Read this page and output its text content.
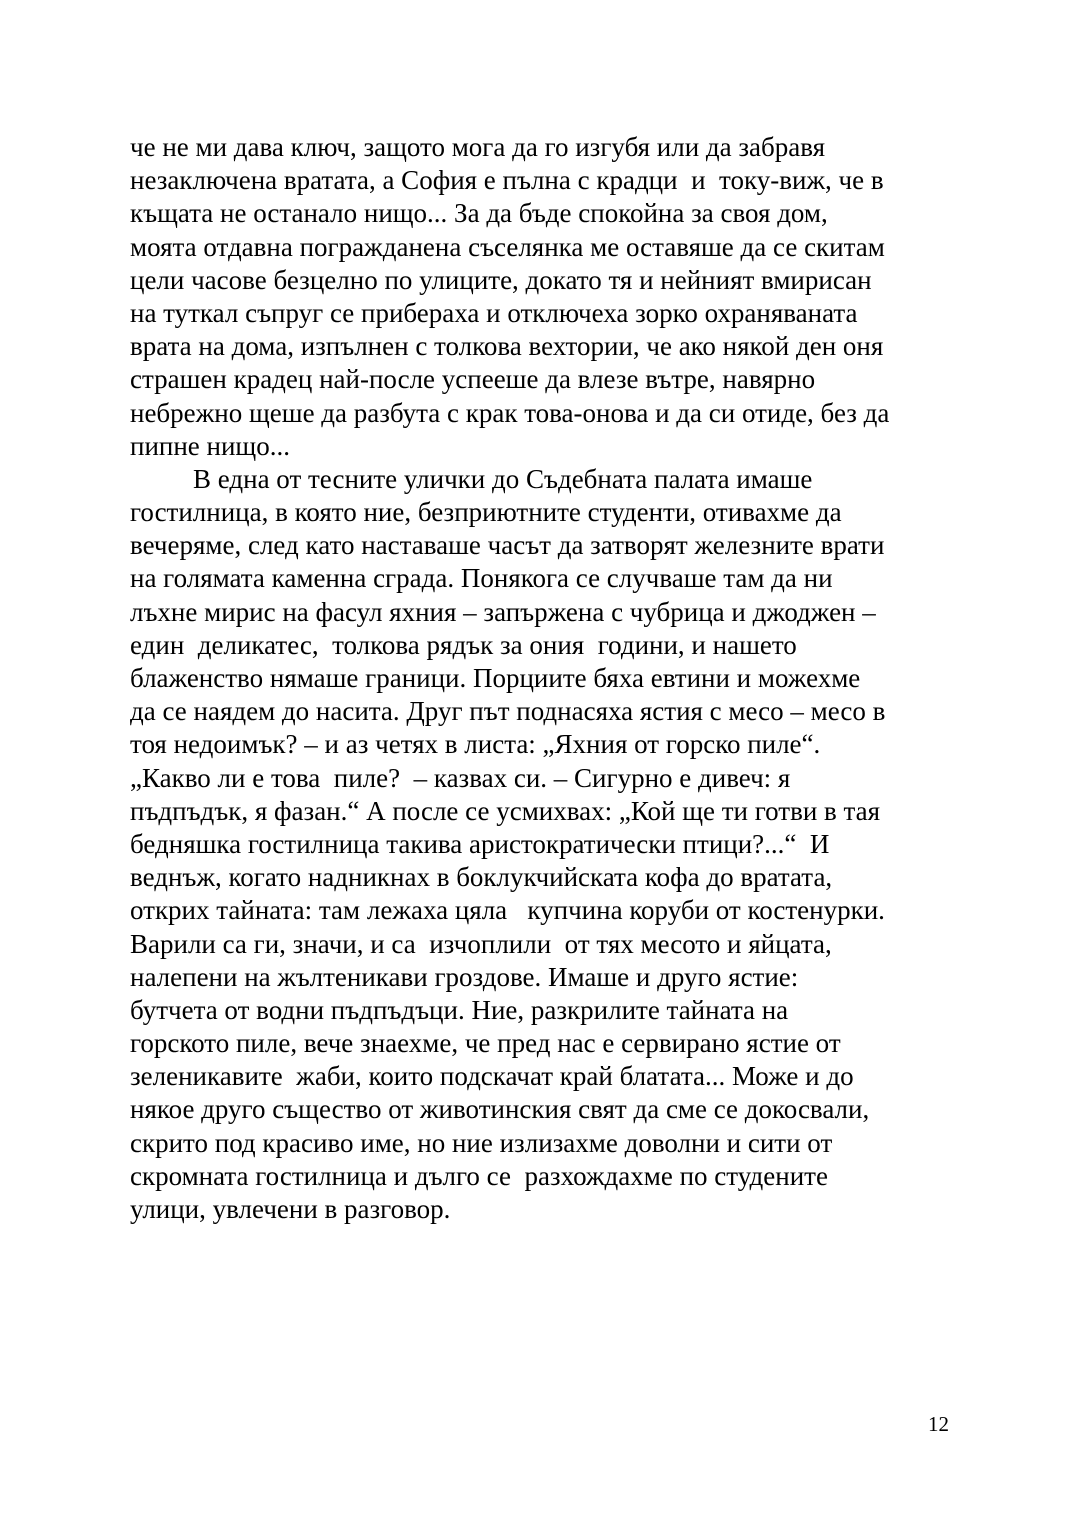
че не ми дава ключ, защото мога да го изгубя или да забравя
незаключена вратата, а София е пълна с крадци  и  току-виж, че в
къщата не останало нищо... За да бъде спокойна за своя дом,
моята отдавна пограждан​ена съселянка ме оставяше да се скитам
цели часове безцелно по улиците, докато тя и нейният вмирисан
на туткал съпруг се прибераха и отключеха зорко охраняваната
врата на дома, изпълнен с толкова вехтории, че ако някой ден оня
страшен крадец най-после успееше да влезе вътре, навярно
небрежно щеше да разбута с крак това-онова и да си отиде, без да
пипне нищо...
В една от тесните улички до Съдебната палата имаше
гостилница, в която ние, безприютните студенти, отивахме да
вечеряме, след като наставаше часът да затворят железните врати
на голямата каменна сграда. Понякога се случваше там да ни
лъхне мирис на фасул яхния – запържена с чубрица и джоджен –
един  деликатес,  толкова рядък за ония  години, и нашето
блаженство нямаше граници. Порциите бяха евтини и можехме
да се наядем до насита. Друг път поднасяха ястия с месо – месо в
тоя недоимък? – и аз четях в листа: „Яхния от горско пиле“.
„Какво ли е това  пиле?  – казвах си. – Сигурно е дивеч: я
пъдпъдък, я фазан.“ А после се усмихвах: „Кой ще ти готви в тая
бедняшка гостилница такива аристократически птици?...“  И
веднъж, когато надникнах в боклукчийската кофа до вратата,
открих тайната: там лежаха цяла   купчина коруби от костенурки.
Варили са ги, значи, и са  изчоплили  от тях месото и яйцата,
налепени на жълтеникави гроздове. Имаше и друго ястие:
бутчета от водни пъдпъдъци. Ние, разкрилите тайната на
горското пиле, вече знаехме, че пред нас е сервирано ястие от
зеленикавите  жаби, които подскачат край блатата... Може и до
някое друго същество от животинския свят да сме се докосвали,
скрито под красиво име, но ние излизахме доволни и сити от
скромната гостилница и дълго се  разхождахме по студените
улици, увлечени в разговор.
12
